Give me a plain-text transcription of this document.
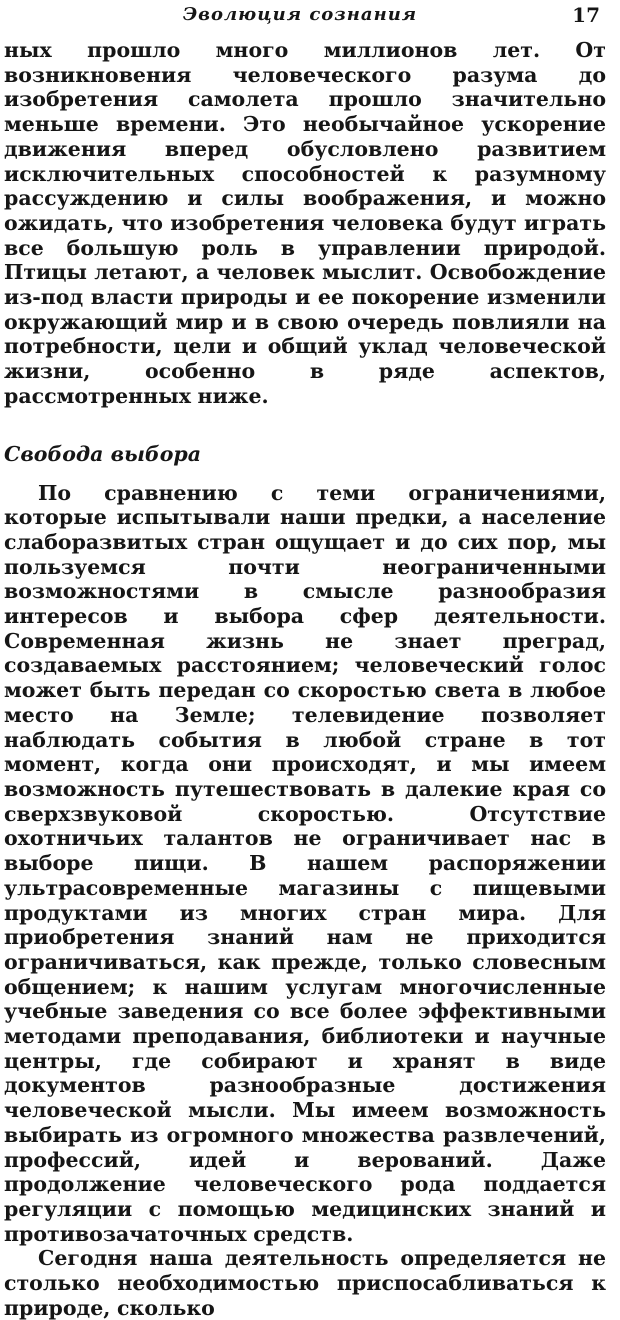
Эволюция сознания	17

ных прошло много миллионов лет. От возникновения человеческого разума до изобретения самолета прошло значительно меньше времени. Это необычайное ускорение движения вперед обусловлено развитием исключительных способностей к разумному рассуждению и силы воображения, и можно ожидать, что изобретения человека будут играть все большую роль в управлении природой. Птицы летают, а человек мыслит. Освобождение из-под власти природы и ее покорение изменили окружающий мир и в свою очередь повлияли на потребности, цели и общий уклад человеческой жизни, особенно в ряде аспектов, рассмотренных ниже.

Свобода выбора

По сравнению с теми ограничениями, которые испытывали наши предки, а население слаборазвитых стран ощущает и до сих пор, мы пользуемся почти неограниченными возможностями в смысле разнообразия интересов и выбора сфер деятельности. Современная жизнь не знает преград, создаваемых расстоянием; человеческий голос может быть передан со скоростью света в любое место на Земле; телевидение позволяет наблюдать события в любой стране в тот момент, когда они происходят, и мы имеем возможность путешествовать в далекие края со сверхзвуковой скоростью. Отсутствие охотничьих талантов не ограничивает нас в выборе пищи. В нашем распоряжении ультрасовременные магазины с пищевыми продуктами из многих стран мира. Для приобретения знаний нам не приходится ограничиваться, как прежде, только словесным общением; к нашим услугам многочисленные учебные заведения со все более эффективными методами преподавания, библиотеки и научные центры, где собирают и хранят в виде документов разнообразные достижения человеческой мысли. Мы имеем возможность выбирать из огромного множества развлечений, профессий, идей и верований. Даже продолжение человеческого рода поддается регуляции с помощью медицинских знаний и противозачаточных средств.

Сегодня наша деятельность определяется не столько необходимостью приспосабливаться к природе, сколько
